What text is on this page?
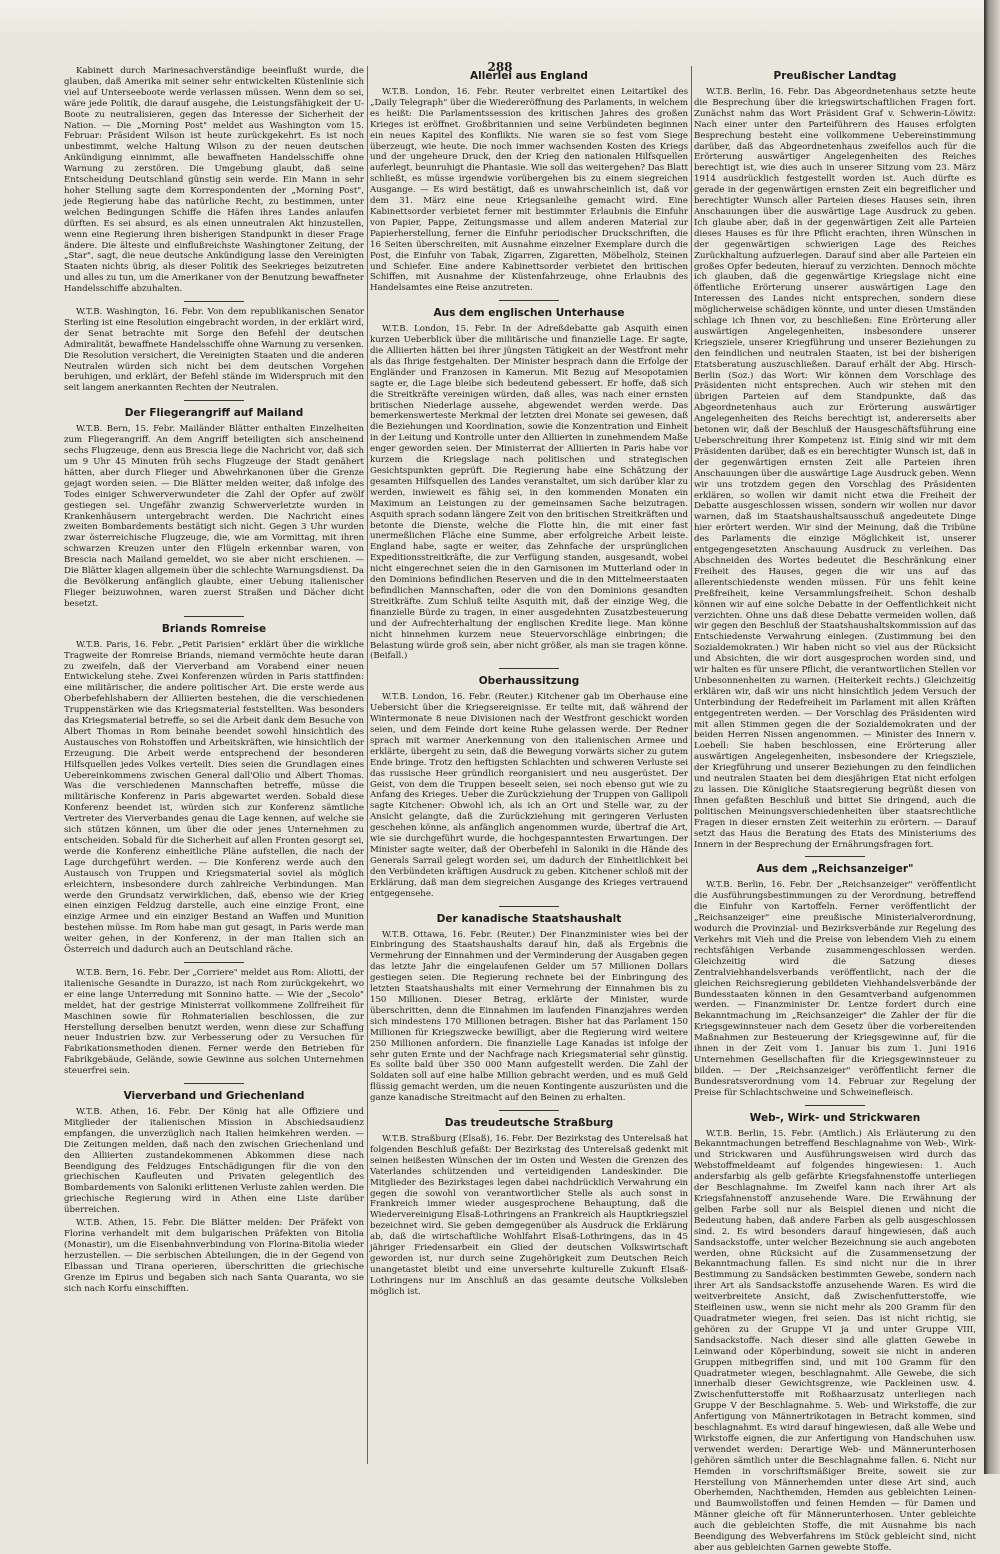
288

Kabinett durch Marinesachverständige beeinflußt wurde, die glauben, daß Amerika mit seiner sehr entwickelten Küstenlinie sich viel auf Unterseeboote werde verlassen müssen. Wenn dem so sei, wäre jede Politik, die darauf ausgehe, die Leistungsfähigkeit der U-Boote zu neutralisieren, gegen das Interesse der Sicherheit der Nation. — Die „Morning Post" meldet aus Washington vom 15. Februar: Präsident Wilson ist heute zurückgekehrt. Es ist noch unbestimmt, welche Haltung Wilson zu der neuen deutschen Ankündigung einnimmt, alle bewaffneten Handelsschiffe ohne Warnung zu zerstören. Die Umgebung glaubt, daß seine Entscheidung Deutschland günstig sein werde. Ein Mann in sehr hoher Stellung sagte dem Korrespondenten der „Morning Post", jede Regierung habe das natürliche Recht, zu bestimmen, unter welchen Bedingungen Schiffe die Häfen ihres Landes anlaufen dürften. Es sei absurd, es als einen unneutralen Akt hinzustellen, wenn eine Regierung ihren bisherigen Standpunkt in dieser Frage ändere. Die älteste und einflußreichste Washingtoner Zeitung, der „Star", sagt, die neue deutsche Ankündigung lasse den Vereinigten Staaten nichts übrig, als dieser Politik des Seekrieges beizutreten und alles zu tun, um die Amerikaner von der Benutzung bewaffneter Handelsschiffe abzuhalten.

W.T.B. Washington, 16. Febr. Von dem republikanischen Senator Sterling ist eine Resolution eingebracht worden, in der erklärt wird, der Senat betrachte mit Sorge den Befehl der deutschen Admiralität, bewaffnete Handelsschiffe ohne Warnung zu versenken. Die Resolution versichert, die Vereinigten Staaten und die anderen Neutralen würden sich nicht bei dem deutschen Vorgehen beruhigen, und erklärt, der Befehl stände im Widerspruch mit den seit langem anerkannten Rechten der Neutralen.

Der Fliegerangriff auf Mailand

W.T.B. Bern, 15. Febr. Mailänder Blätter enthalten Einzelheiten zum Fliegerangriff. An dem Angriff beteiligten sich anscheinend sechs Flugzeuge, denn aus Brescia liege die Nachricht vor, daß sich um 9 Uhr 45 Minuten früh sechs Flugzeuge der Stadt genähert hätten, aber durch Flieger und Abwehrkanonen über die Grenze gejagt worden seien. — Die Blätter melden weiter, daß infolge des Todes einiger Schwerverwundeter die Zahl der Opfer auf zwölf gestiegen sei. Ungefähr zwanzig Schwerverletzte wurden in Krankenhäusern untergebracht werden. Die Nachricht eines zweiten Bombardements bestätigt sich nicht. Gegen 3 Uhr wurden zwar österreichische Flugzeuge, die, wie am Vormittag, mit ihren schwarzen Kreuzen unter den Flügeln erkennbar waren, von Brescia nach Mailand gemeldet, wo sie aber nicht erschienen. — Die Blätter klagen allgemein über die schlechte Warnungsdienst. Da die Bevölkerung anfänglich glaubte, einer Uebung italienischer Flieger beizuwohnen, waren zuerst Straßen und Dächer dicht besetzt.

Briands Romreise

W.T.B. Paris, 16. Febr. „Petit Parisien" erklärt über die wirkliche Tragweite der Romreise Briands, niemand vermöchte heute daran zu zweifeln, daß der Vierverband am Vorabend einer neuen Entwickelung stehe. Zwei Konferenzen würden in Paris stattfinden: eine militärischer, die andere politischer Art. Die erste werde aus Oberbefehlshabern der Alliierten bestehen, die die verschiedenen Truppenstärken wie das Kriegsmaterial feststellten. Was besonders das Kriegsmaterial betreffe, so sei die Arbeit dank dem Besuche von Albert Thomas in Rom beinahe beendet sowohl hinsichtlich des Austausches von Rohstoffen und Arbeitskräften, wie hinsichtlich der Erzeugung. Die Arbeit werde entsprechend der besonderen Hilfsquellen jedes Volkes verteilt. Dies seien die Grundlagen eines Uebereinkommens zwischen General dall'Olio und Albert Thomas. Was die verschiedenen Mannschaften betreffe, müsse die militärische Konferenz in Paris abgewartet werden. Sobald diese Konferenz beendet ist, würden sich zur Konferenz sämtliche Vertreter des Vierverbandes genau die Lage kennen, auf welche sie sich stützen können, um über die oder jenes Unternehmen zu entscheiden. Sobald für die Sicherheit auf allen Fronten gesorgt sei, werde die Konferenz einheitliche Pläne aufstellen, die nach der Lage durchgeführt werden. — Die Konferenz werde auch den Austausch von Truppen und Kriegsmaterial soviel als möglich erleichtern, insbesondere durch zahlreiche Verbindungen. Man werde den Grundsatz verwirklichen, daß, ebenso wie der Krieg einen einzigen Feldzug darstelle, auch eine einzige Front, eine einzige Armee und ein einziger Bestand an Waffen und Munition bestehen müsse. Im Rom habe man gut gesagt, in Paris werde man weiter gehen, in der Konferenz, in der man Italien sich an Österreich und dadurch auch an Deutschland räche.

W.T.B. Bern, 16. Febr. Der „Corriere" meldet aus Rom: Aliotti, der italienische Gesandte in Durazzo, ist nach Rom zurückgekehrt, wo er eine lange Unterredung mit Sonnino hatte. — Wie der „Secolo" meldet, hat der gestrige Ministerrat vollkommene Zollfreiheit für Maschinen sowie für Rohmaterialien beschlossen, die zur Herstellung derselben benutzt werden, wenn diese zur Schaffung neuer Industrien bzw. zur Verbesserung oder zu Versuchen für Fabrikationsmethoden dienen. Ferner werde den Betrieben für Fabrikgebäude, Gelände, sowie Gewinne aus solchen Unternehmen steuerfrei sein.

Vierverband und Griechenland

W.T.B. Athen, 16. Febr. Der König hat alle Offiziere und Mitglieder der italienischen Mission in Abschiedsaudienz empfangen, die unverzüglich nach Italien heimkehren werden. — Die Zeitungen melden, daß nach den zwischen Griechenland und den Alliierten zustandekommenen Abkommen diese nach Beendigung des Feldzuges Entschädigungen für die von den griechischen Kaufleuten und Privaten gelegentlich des Bombardements von Saloniki erlittenen Verluste zahlen werden. Die griechische Regierung wird in Athen eine Liste darüber überreichen.

W.T.B. Athen, 15. Febr. Die Blätter melden: Der Präfekt von Florina verhandelt mit dem bulgarischen Präfekten von Bitolia (Monastir), um die Eisenbahnverbindung von Florina-Bitolia wieder herzustellen. — Die serbischen Abteilungen, die in der Gegend von Elbassan und Tirana operieren, überschritten die griechische Grenze im Epirus und begaben sich nach Santa Quaranta, wo sie sich nach Korfu einschifften.

Allerlei aus England

W.T.B. London, 16. Febr. Reuter verbreitet einen Leitartikel des „Daily Telegraph" über die Wiedereröffnung des Parlaments, in welchem es heißt: Die Parlamentssession des kritischen Jahres des großen Krieges ist eröffnet. Großbritannien und seine Verbündeten beginnen ein neues Kapitel des Konflikts. Nie waren sie so fest vom Siege überzeugt, wie heute. Die noch immer wachsenden Kosten des Kriegs und der ungeheure Druck, den der Krieg den nationalen Hilfsquellen auferlegt, beunruhigt die Phantasie. Wie soll das weitergehen? Das Blatt schließt, es müsse irgendwie vorübergehen bis zu einem siegreichen Ausgange. — Es wird bestätigt, daß es unwahrscheinlich ist, daß vor dem 31. März eine neue Kriegsanleihe gemacht wird. Eine Kabinettsorder verbietet ferner mit bestimmter Erlaubnis die Einfuhr von Papier, Pappe, Zeitungsmasse und allem anderen Material zur Papierherstellung, ferner die Einfuhr periodischer Druckschriften, die 16 Seiten überschreiten, mit Ausnahme einzelner Exemplare durch die Post, die Einfuhr von Tabak, Zigarren, Zigaretten, Möbelholz, Steinen und Schiefer. Eine andere Kabinettsorder verbietet den britischen Schiffen, mit Ausnahme der Küstenfahrzeuge, ohne Erlaubnis des Handelsamtes eine Reise anzutreten.

Aus dem englischen Unterhause

W.T.B. London, 15. Febr. In der Adreßdebatte gab Asquith einen kurzen Ueberblick über die militärische und finanzielle Lage. Er sagte, die Alliierten hätten bei ihrer jüngsten Tätigkeit an der Westfront mehr als das Ihrige festgehalten. Der Minister besprach dann die Erfolge der Engländer und Franzosen in Kamerun. Mit Bezug auf Mesopotamien sagte er, die Lage bleibe sich bedeutend gebessert. Er hoffe, daß sich die Streitkräfte vereinigen würden, daß alles, was nach einer ernsten britischen Niederlage aussehe, abgewendet werden werde. Das bemerkenswerteste Merkmal der letzten drei Monate sei gewesen, daß die Beziehungen und Koordination, sowie die Konzentration und Einheit in der Leitung und Kontrolle unter den Alliierten in zunehmendem Maße enger geworden seien. Der Ministerrat der Alliierten in Paris habe vor kurzem die Kriegslage nach politischen und strategischen Gesichtspunkten geprüft. Die Regierung habe eine Schätzung der gesamten Hilfsquellen des Landes veranstaltet, um sich darüber klar zu werden, inwieweit es fähig sei, in den kommenden Monaten ein Maximum an Leistungen zu der gemeinsamen Sache beizutragen. Asquith sprach sodann längere Zeit von den britischen Streitkräften und betonte die Dienste, welche die Flotte hin, die mit einer fast unermeßlichen Fläche eine Summe, aber erfolgreiche Arbeit leiste. England habe, sagte er weiter, das Zehnfache der ursprünglichen Expeditionsstreitkräfte, die zur Verfügung standen, ausgesandt, wobei nicht eingerechnet seien die in den Garnisonen im Mutterland oder in den Dominions befindlichen Reserven und die in den Mittelmeerstaaten befindlichen Mannschaften, oder die von den Dominions gesandten Streitkräfte. Zum Schluß teilte Asquith mit, daß der einzige Weg, die finanzielle Bürde zu tragen, in einer ausgedehnten Zusatzbesteuerung und der Aufrechterhaltung der englischen Kredite liege. Man könne nicht hinnehmen kurzem neue Steuervorschläge einbringen; die Belastung würde groß sein, aber nicht größer, als man sie tragen könne. (Beifall.)

Oberhaussitzung

W.T.B. London, 16. Febr. (Reuter.) Kitchener gab im Oberhause eine Uebersicht über die Kriegsereignisse. Er teilte mit, daß während der Wintermonate 8 neue Divisionen nach der Westfront geschickt worden seien, und dem Feinde dort keine Ruhe gelassen werde. Der Redner sprach mit warmer Anerkennung von den italienischen Armee und erklärte, übergeht zu sein, daß die Bewegung vorwärts sicher zu gutem Ende bringe. Trotz den heftigsten Schlachten und schweren Verluste sei das russische Heer gründlich reorganisiert und neu ausgerüstet. Der Geist, von dem die Truppen beseelt seien, sei noch ebenso gut wie zu Anfang des Krieges. Ueber die Zurückziehung der Truppen von Gallipoli sagte Kitchener: Obwohl ich, als ich an Ort und Stelle war, zu der Ansicht gelangte, daß die Zurückziehung mit geringeren Verlusten geschehen könne, als anfänglich angenommen wurde, übertraf die Art, wie sie durchgeführt wurde, die hochgespanntesten Erwartungen. Der Minister sagte weiter, daß der Oberbefehl in Saloniki in die Hände des Generals Sarrail gelegt worden sei, um dadurch der Einheitlichkeit bei den Verbündeten kräftigen Ausdruck zu geben. Kitchener schloß mit der Erklärung, daß man dem siegreichen Ausgange des Krieges vertrauend entgegensehe.

Der kanadische Staatshaushalt

W.T.B. Ottawa, 16. Febr. (Reuter.) Der Finanzminister wies bei der Einbringung des Staatshaushalts darauf hin, daß als Ergebnis die Vermehrung der Einnahmen und der Verminderung der Ausgaben gegen das letzte Jahr die eingelaufenen Gelder um 57 Millionen Dollars gestiegen seien. Die Regierung rechnete bei der Einbringung des letzten Staatshaushalts mit einer Vermehrung der Einnahmen bis zu 150 Millionen. Dieser Betrag, erklärte der Minister, wurde überschritten, denn die Einnahmen im laufenden Finanzjahres werden sich mindestens 170 Millionen betragen. Bisher hat das Parlament 150 Millionen für Kriegszwecke bewilligt, aber die Regierung wird weitere 250 Millionen anfordern. Die finanzielle Lage Kanadas ist infolge der sehr guten Ernte und der Nachfrage nach Kriegsmaterial sehr günstig. Es sollte bald über 350 000 Mann aufgestellt werden. Die Zahl der Soldaten soll auf eine halbe Million gebracht werden, und es muß Geld flüssig gemacht werden, um die neuen Kontingente auszurüsten und die ganze kanadische Streitmacht auf den Beinen zu erhalten.

Das treudeutsche Straßburg

W.T.B. Straßburg (Elsaß), 16. Febr. Der Bezirkstag des Unterelsaß hat folgenden Beschluß gefaßt: Der Bezirkstag des Unterelsaß gedenkt mit seinen heißesten Wünschen der im Osten und Westen die Grenzen des Vaterlandes schützenden und verteidigenden Landeskinder. Die Mitglieder des Bezirkstages legen dabei nachdrücklich Verwahrung ein gegen die sowohl von verantwortlicher Stelle als auch sonst in Frankreich immer wieder ausgesprochene Behauptung, daß die Wiedervereinigung Elsaß-Lothringens an Frankreich als Hauptkriegsziel bezeichnet wird. Sie geben demgegenüber als Ausdruck die Erklärung ab, daß die wirtschaftliche Wohlfahrt Elsaß-Lothringens, das in 45 jähriger Friedensarbeit ein Glied der deutschen Volkswirtschaft geworden ist, nur durch seine Zugehörigkeit zum Deutschen Reich unangetastet bleibt und eine unversehrte kulturelle Zukunft Elsaß-Lothringens nur im Anschluß an das gesamte deutsche Volksleben möglich ist.

Preußischer Landtag

W.T.B. Berlin, 16. Febr. Das Abgeordnetenhaus setzte heute die Besprechung über die kriegswirtschaftlichen Fragen fort. Zunächst nahm das Wort Präsident Graf v. Schwerin-Löwitz: Nach einer unter den Parteiführern des Hauses erfolgten Besprechung besteht eine vollkommene Uebereinstimmung darüber, daß das Abgeordnetenhaus zweifellos auch für die Erörterung auswärtiger Angelegenheiten des Reiches berechtigt ist, wie dies auch in unserer Sitzung vom 23. März 1914 ausdrücklich festgestellt worden ist. Auch dürfte es gerade in der gegenwärtigen ernsten Zeit ein begreiflicher und berechtigter Wunsch aller Parteien dieses Hauses sein, ihren Anschauungen über die auswärtige Lage Ausdruck zu geben. Ich glaube aber, daß in der gegenwärtigen Zeit alle Parteien dieses Hauses es für ihre Pflicht erachten, ihren Wünschen in der gegenwärtigen schwierigen Lage des Reiches Zurückhaltung aufzuerlegen. Darauf sind aber alle Parteien ein großes Opfer bedeuten, hierauf zu verzichten. Dennoch möchte ich glauben, daß die gegenwärtige Kriegslage nicht eine öffentliche Erörterung unserer auswärtigen Lage den Interessen des Landes nicht entsprechen, sondern diese möglicherweise schädigen könnte, und unter diesen Umständen schlage ich Ihnen vor, zu beschließen: Eine Erörterung aller auswärtigen Angelegenheiten, insbesondere unserer Kriegsziele, unserer Kriegführung und unserer Beziehungen zu den feindlichen und neutralen Staaten, ist bei der bisherigen Etatsberatung auszuschließen. Darauf erhält der Abg. Hirsch-Berlin (Soz.) das Wort: Wir können dem Vorschlage des Präsidenten nicht entsprechen. Auch wir stehen mit den übrigen Parteien auf dem Standpunkte, daß das Abgeordnetenhaus auch zur Erörterung auswärtiger Angelegenheiten des Reichs berechtigt ist, andererseits aber betonen wir, daß der Beschluß der Hausgeschäftsführung eine Ueberschreitung ihrer Kompetenz ist. Einig sind wir mit dem Präsidenten darüber, daß es ein berechtigter Wunsch ist, daß in der gegenwärtigen ernsten Zeit alle Parteien ihren Anschauungen über die auswärtige Lage Ausdruck geben. Wenn wir uns trotzdem gegen den Vorschlag des Präsidenten erklären, so wollen wir damit nicht etwa die Freiheit der Debatte ausgeschlossen wissen, sondern wir wollen nur davor warnen, daß im Staatshaushaltsausschuß angedeutete Dinge hier erörtert werden. Wir sind der Meinung, daß die Tribüne des Parlaments die einzige Möglichkeit ist, unserer entgegengesetzten Anschauung Ausdruck zu verleihen. Das Abschneiden des Wortes bedeutet die Beschränkung einer Freiheit des Hauses, gegen die wir uns auf das allerentschiedenste wenden müssen. Für uns fehlt keine Preßfreiheit, keine Versammlungsfreiheit. Schon deshalb können wir auf eine solche Debatte in der Oeffentlichkeit nicht verzichten. Ohne uns daß diese Debatte vermeiden wollen, daß wir gegen den Beschluß der Staatshaushaltskommission auf das Entschiedenste Verwahrung einlegen. (Zustimmung bei den Sozialdemokraten.) Wir haben nicht so viel aus der Rücksicht und Absichten, die wir dort ausgesprochen worden sind, und wir halten es für unsere Pflicht, die verantwortlichen Stellen vor Unbesonnenheiten zu warnen. (Heiterkeit rechts.) Gleichzeitig erklären wir, daß wir uns nicht hinsichtlich jedem Versuch der Unterbindung der Redefreiheit im Parlament mit allen Kräften entgegentreten werden. — Der Vorschlag des Präsidenten wird mit allen Stimmen gegen die der Sozialdemokraten und der beiden Herren Nissen angenommen. — Minister des Innern v. Loebell: Sie haben beschlossen, eine Erörterung aller auswärtigen Angelegenheiten, insbesondere der Kriegsziele, der Kriegführung und unserer Beziehungen zu den feindlichen und neutralen Staaten bei dem diesjährigen Etat nicht erfolgen zu lassen. Die Königliche Staatsregierung begrüßt diesen von Ihnen gefaßten Beschluß und bittet Sie dringend, auch die politischen Meinungsverschiedenheiten über staatsrechtliche Fragen in dieser ernsten Zeit weiterhin zu erörtern. — Darauf setzt das Haus die Beratung des Etats des Ministeriums des Innern in der Besprechung der Ernährungsfragen fort.

Aus dem „Reichsanzeiger"

W.T.B. Berlin, 16. Febr. Der „Reichsanzeiger" veröffentlicht die Ausführungsbestimmungen zu der Verordnung, betreffend die Einfuhr von Kartoffeln. Ferner veröffentlicht der „Reichsanzeiger" eine preußische Ministerialverordnung, wodurch die Provinzial- und Bezirksverbände zur Regelung des Verkehrs mit Vieh und die Preise von lebendem Vieh zu einem rechtsfähigen Verbande zusammengeschlossen werden. Gleichzeitig wird die Satzung dieses Zentralviehhandelsverbands veröffentlicht, nach der die gleichen Reichsregierung gebildeten Viehhandelsverbände der Bundesstaaten können in den Gesamtverband aufgenommen werden. — Finanzminister Dr. Lentze fordert durch eine Bekanntmachung im „Reichsanzeiger" die Zahler der für die Kriegsgewinnsteuer nach dem Gesetz über die vorbereitenden Maßnahmen zur Besteuerung der Kriegsgewinne auf, für die ihnen in der Zeit vom 1. Januar bis zum 1. Juni 1916 Unternehmen Gesellschaften für die Kriegsgewinnsteuer zu bilden. — Der „Reichsanzeiger" veröffentlicht ferner die Bundesratsverordnung vom 14. Februar zur Regelung der Preise für Schlachtschweine und Schweinefleisch.

Web-, Wirk- und Strickwaren

W.T.B. Berlin, 15. Febr. (Amtlich.) Als Erläuterung zu den Bekanntmachungen betreffend Beschlagnahme von Web-, Wirk- und Strickwaren und Ausführungsweisen wird durch das Webstoffmeldeamt auf folgendes hingewiesen: 1. Auch andersfarbig als gelb gefärbte Kriegsfahnenstoffe unterliegen der Beschlagnahme. Im Zweifel kann nach ihrer Art als Kriegsfahnenstoff anzusehende Ware. Die Erwähnung der gelben Farbe soll nur als Beispiel dienen und nicht die Bedeutung haben, daß andere Farben als gelb ausgeschlossen sind. 2. Es wird besonders darauf hingewiesen, daß auch Sandsackstoffe, unter welcher Bezeichnung sie auch angeboten werden, ohne Rücksicht auf die Zusammensetzung der Bekanntmachung fallen. Es sind nicht nur die in ihrer Bestimmung zu Sandsäcken bestimmten Gewebe, sondern nach ihrer Art als Sandsackstoffe anzusehende Waren. Es wird die weitverbreitete Ansicht, daß Zwischenfutterstoffe, wie Steifleinen usw., wenn sie nicht mehr als 200 Gramm für den Quadratmeter wiegen, frei seien. Das ist nicht richtig, sie gehören zu der Gruppe VI ja und unter Gruppe VIII, Sandsackstoffe. Nach dieser sind alle glatten Gewebe in Leinwand oder Köperbindung, soweit sie nicht in anderen Gruppen mitbegriffen sind, und mit 100 Gramm für den Quadratmeter wiegen, beschlagnahmt. Alle Gewebe, die sich innerhalb dieser Gewichtsgrenze, wie Packleinen usw. 4. Zwischenfutterstoffe mit Roßhaarzusatz unterliegen nach Gruppe V der Beschlagnahme. 5. Web- und Wirkstoffe, die zur Anfertigung von Männertrikotagen in Betracht kommen, sind beschlagnahmt. Es wird darauf hingewiesen, daß alle Webe und Wirkstoffe eignen, die zur Anfertigung von Handschuhen usw. verwendet werden: Derartige Web- und Männerunterhosen gehören sämtlich unter die Beschlagnahme fallen. 6. Nicht nur Hemden in vorschriftsmäßiger Breite, soweit sie zur Herstellung von Männerhemden unter diese Art sind, auch Oberhemden, Nachthemden, Hemden aus gebleichten Leinen- und Baumwollstoffen und feinen Hemden — für Damen und Männer gleiche oft für Männerunterhosen. Unter gebleichte auch die gebleichten Stoffe, die mit Ausnahme bis nach Beendigung des Webverfahrens im Stück gebleicht sind, nicht aber aus gebleichten Garnen gewebte Stoffe.
